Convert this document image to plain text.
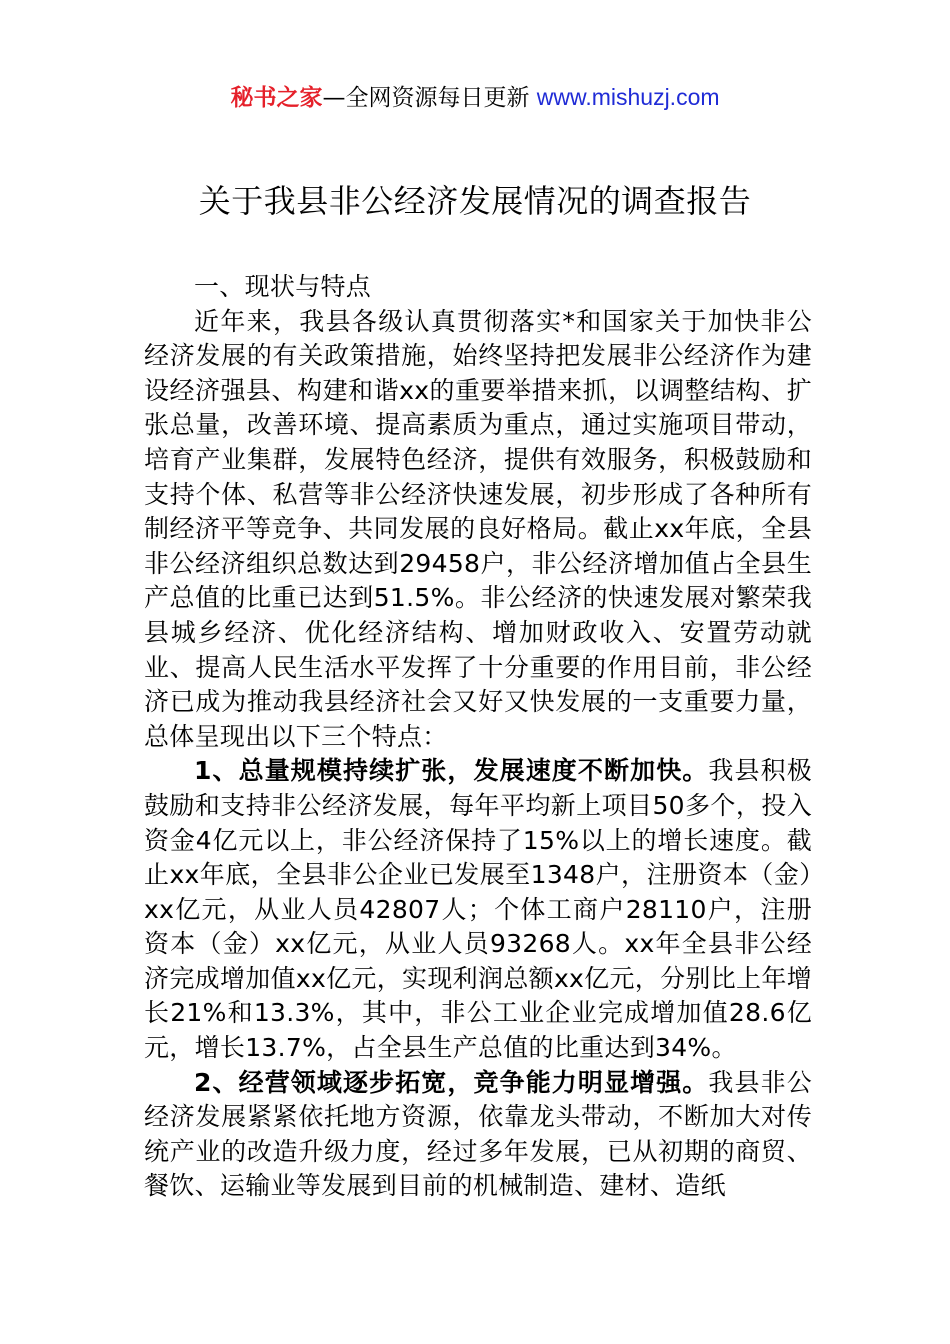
秘书之家—全网资源每日更新 www.mishuzj.com
关于我县非公经济发展情况的调查报告

一、现状与特点

近年来，我县各级认真贯彻落实*和国家关于加快非公经济发展的有关政策措施，始终坚持把发展非公经济作为建设经济强县、构建和谐xx的重要举措来抓，以调整结构、扩张总量，改善环境、提高素质为重点，通过实施项目带动，培育产业集群，发展特色经济，提供有效服务，积极鼓励和支持个体、私营等非公经济快速发展，初步形成了各种所有制经济平等竞争、共同发展的良好格局。截止xx年底，全县非公经济组织总数达到29458户，非公经济增加值占全县生产总值的比重已达到51.5%。非公经济的快速发展对繁荣我县城乡经济、优化经济结构、增加财政收入、安置劳动就业、提高人民生活水平发挥了十分重要的作用目前，非公经济已成为推动我县经济社会又好又快发展的一支重要力量，总体呈现出以下三个特点：

1、总量规模持续扩张，发展速度不断加快。我县积极鼓励和支持非公经济发展，每年平均新上项目50多个，投入资金4亿元以上，非公经济保持了15%以上的增长速度。截止xx年底，全县非公企业已发展至1348户，注册资本（金）xx亿元，从业人员42807人；个体工商户28110户，注册资本（金）xx亿元，从业人员93268人。xx年全县非公经济完成增加值xx亿元，实现利润总额xx亿元，分别比上年增长21%和13.3%，其中，非公工业企业完成增加值28.6亿元，增长13.7%，占全县生产总值的比重达到34%。

2、经营领域逐步拓宽，竞争能力明显增强。我县非公经济发展紧紧依托地方资源，依靠龙头带动，不断加大对传统产业的改造升级力度，经过多年发展，已从初期的商贸、餐饮、运输业等发展到目前的机械制造、建材、造纸
